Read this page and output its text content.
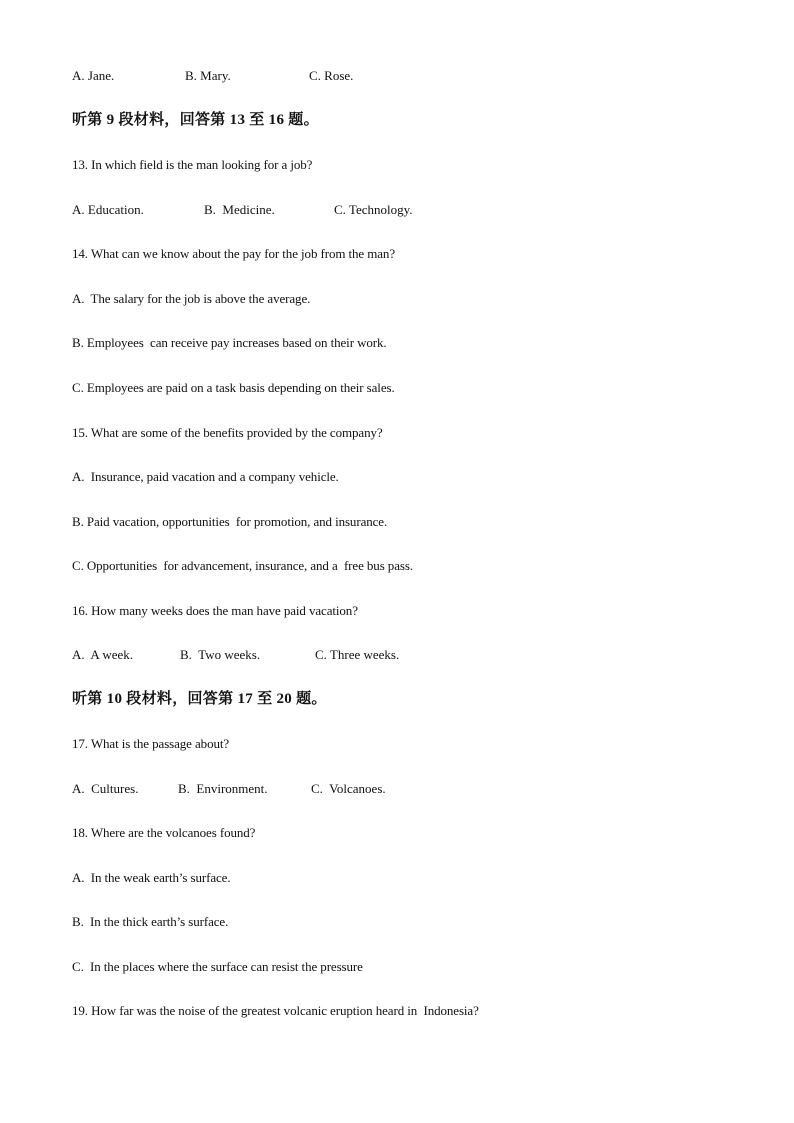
A. Jane.	B. Mary.	C. Rose.
听第 9 段材料，回答第 13 至 16 题。
13. In which field is the man looking for a job?
A. Education.	B.  Medicine.	C. Technology.
14. What can we know about the pay for the job from the man?
A.  The salary for the job is above the average.
B. Employees  can receive pay increases based on their work.
C. Employees are paid on a task basis depending on their sales.
15. What are some of the benefits provided by the company?
A.  Insurance, paid vacation and a company vehicle.
B. Paid vacation, opportunities  for promotion, and insurance.
C. Opportunities  for advancement, insurance, and a  free bus pass.
16. How many weeks does the man have paid vacation?
A.  A week.	B.  Two weeks.	C. Three weeks.
听第 10 段材料，回答第 17 至 20 题。
17. What is the passage about?
A.  Cultures.	B.  Environment.	C.  Volcanoes.
18. Where are the volcanoes found?
A.  In the weak earth’s surface.
B.  In the thick earth’s surface.
C.  In the places where the surface can resist the pressure
19. How far was the noise of the greatest volcanic eruption heard in  Indonesia?
